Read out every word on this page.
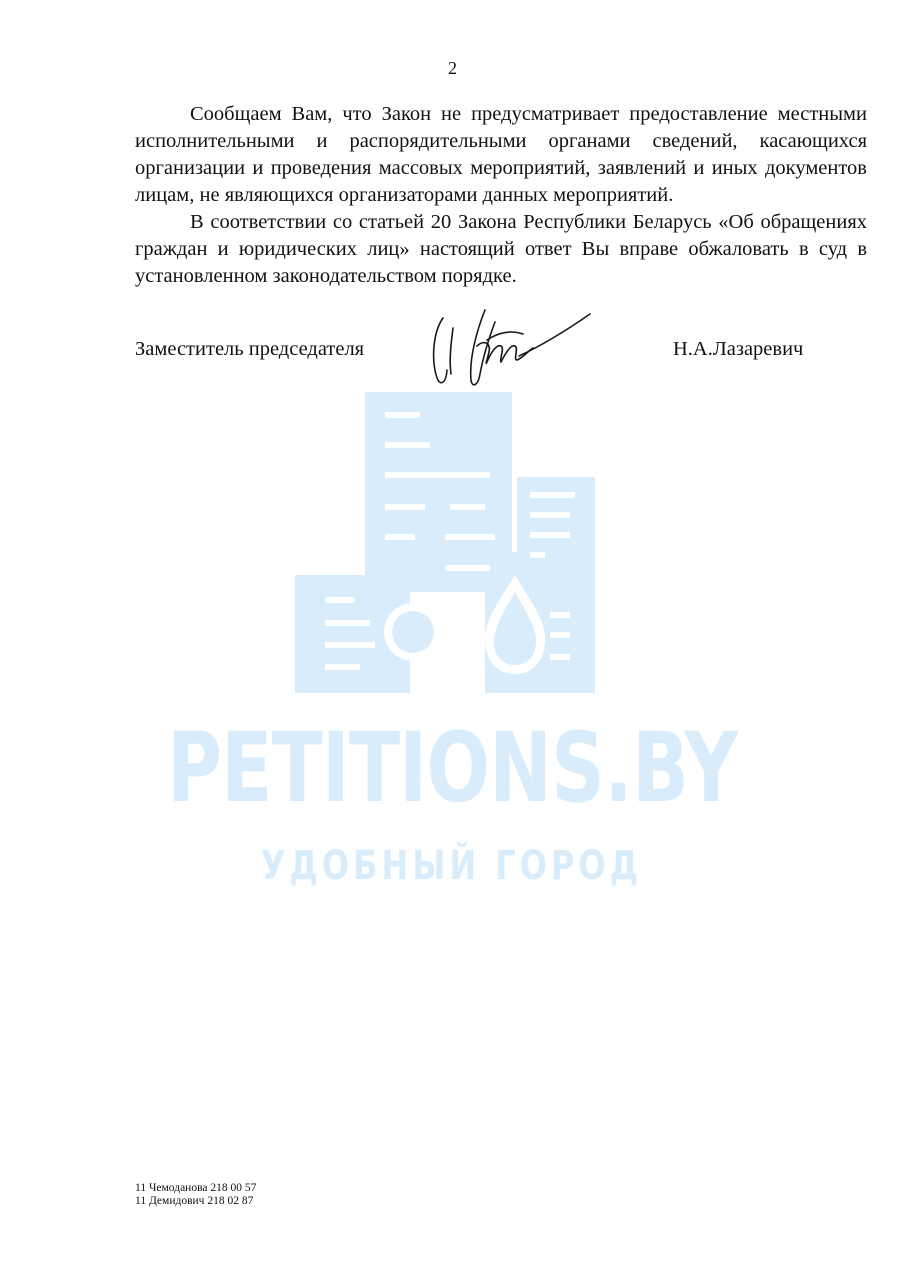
2

Сообщаем Вам, что Закон не предусматривает предоставление местными исполнительными и распорядительными органами сведений, касающихся организации и проведения массовых мероприятий, заявлений и иных документов лицам, не являющихся организаторами данных мероприятий.

В соответствии со статьей 20 Закона Республики Беларусь «Об обращениях граждан и юридических лиц» настоящий ответ Вы вправе обжаловать в суд в установленном законодательством порядке.

PETITIONS.BY
УДОБНЫЙ ГОРОД
Заместитель председателя	Н.А.Лазаревич
11 Чемоданова 218 00 57
11 Демидович 218 02 87
